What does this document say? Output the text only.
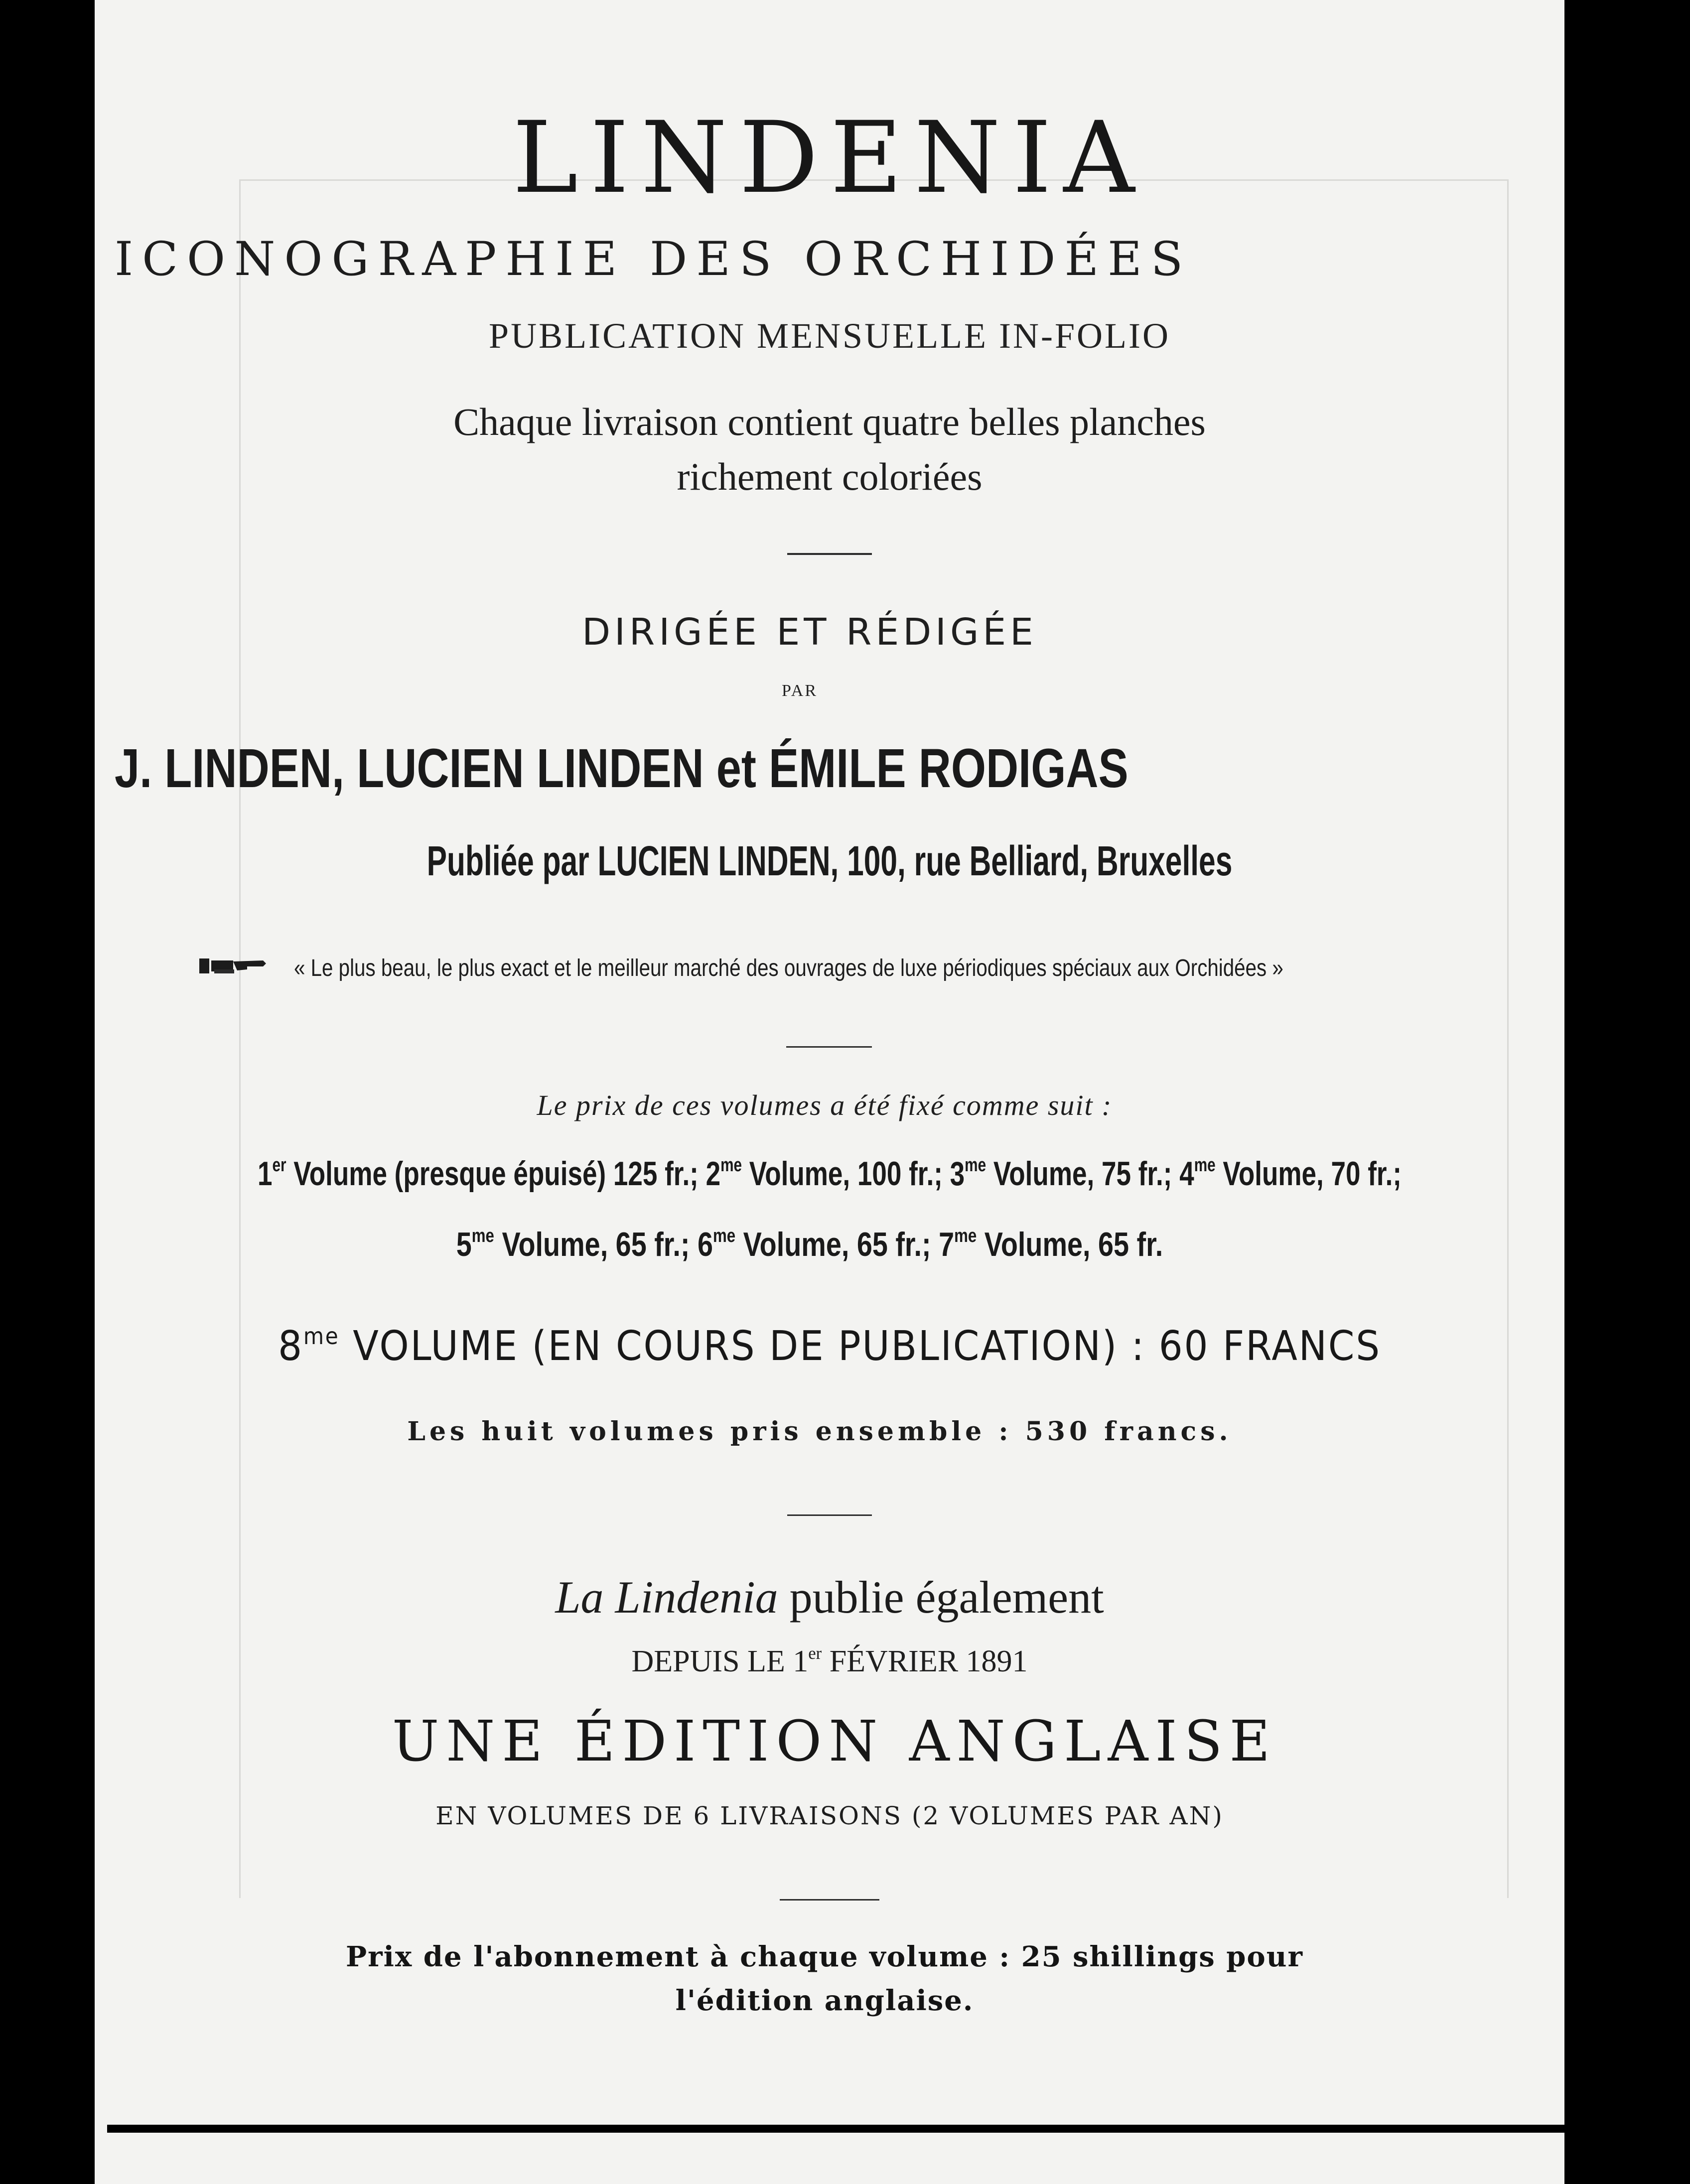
LINDENIA
ICONOGRAPHIE DES ORCHIDÉES
PUBLICATION MENSUELLE IN-FOLIO
Chaque livraison contient quatre belles planches
richement coloriées
DIRIGÉE ET RÉDIGÉE
PAR
J. LINDEN, LUCIEN LINDEN et ÉMILE RODIGAS
Publiée par LUCIEN LINDEN, 100, rue Belliard, Bruxelles
« Le plus beau, le plus exact et le meilleur marché des ouvrages de luxe périodiques spéciaux aux Orchidées »
Le prix de ces volumes a été fixé comme suit :
1er Volume (presque épuisé) 125 fr.; $2^{me}$ Volume, 100 fr.; $3^{me}$ Volume, 75 fr.; $4^{me}$ Volume, 70 fr.;
$5^{me}$ Volume, 65 fr.; $6^{me}$ Volume, 65 fr.; $7^{me}$ Volume, 65 fr.
$8^{me}$ VOLUME (EN COURS DE PUBLICATION) : 60 FRANCS
Les huit volumes pris ensemble : 530 francs.
La Lindenia publie également
DEPUIS LE 1er FÉVRIER 1891
UNE ÉDITION ANGLAISE
EN VOLUMES DE 6 LIVRAISONS (2 VOLUMES PAR AN)
Prix de l'abonnement à chaque volume : 25 shillings pour
l'édition anglaise.
